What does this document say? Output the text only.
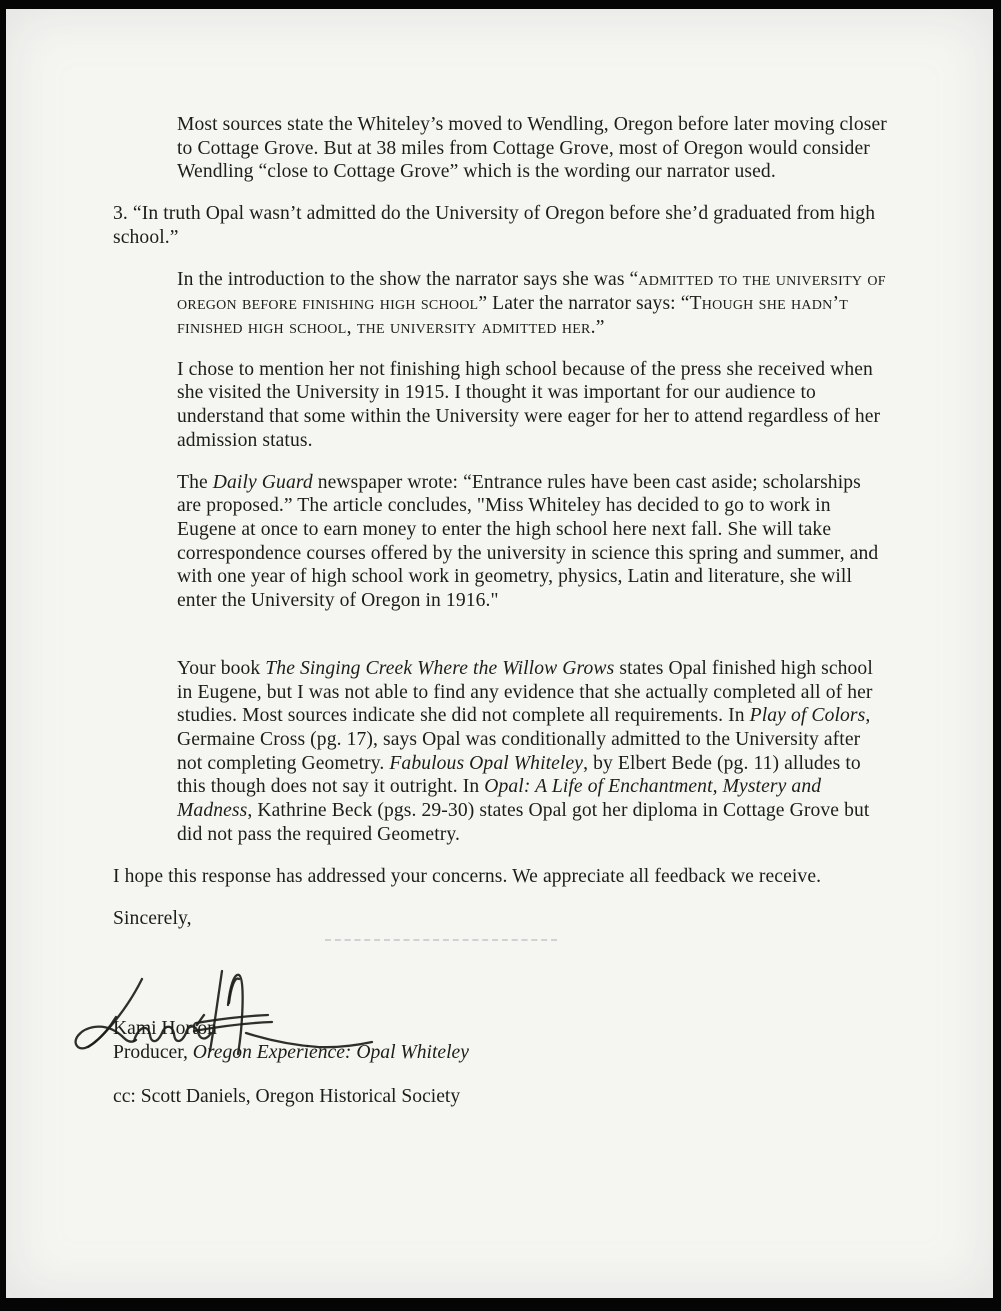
Most sources state the Whiteley’s moved to Wendling, Oregon before later moving closer to Cottage Grove. But at 38 miles from Cottage Grove, most of Oregon would consider Wendling “close to Cottage Grove” which is the wording our narrator used.

3. “In truth Opal wasn’t admitted do the University of Oregon before she’d graduated from high school.”

In the introduction to the show the narrator says she was “admitted to the university of oregon before finishing high school” Later the narrator says: “Though she hadn’t finished high school, the university admitted her.”

I chose to mention her not finishing high school because of the press she received when she visited the University in 1915. I thought it was important for our audience to understand that some within the University were eager for her to attend regardless of her admission status.

The Daily Guard newspaper wrote: “Entrance rules have been cast aside; scholarships are proposed.” The article concludes, "Miss Whiteley has decided to go to work in Eugene at once to earn money to enter the high school here next fall. She will take correspondence courses offered by the university in science this spring and summer, and with one year of high school work in geometry, physics, Latin and literature, she will enter the University of Oregon in 1916."

Your book The Singing Creek Where the Willow Grows states Opal finished high school in Eugene, but I was not able to find any evidence that she actually completed all of her studies. Most sources indicate she did not complete all requirements. In Play of Colors, Germaine Cross (pg. 17), says Opal was conditionally admitted to the University after not completing Geometry. Fabulous Opal Whiteley, by Elbert Bede (pg. 11) alludes to this though does not say it outright. In Opal: A Life of Enchantment, Mystery and Madness, Kathrine Beck (pgs. 29-30) states Opal got her diploma in Cottage Grove but did not pass the required Geometry.

I hope this response has addressed your concerns. We appreciate all feedback we receive.

Sincerely,

Kami Horton

Producer, Oregon Experience: Opal Whiteley

cc: Scott Daniels, Oregon Historical Society
